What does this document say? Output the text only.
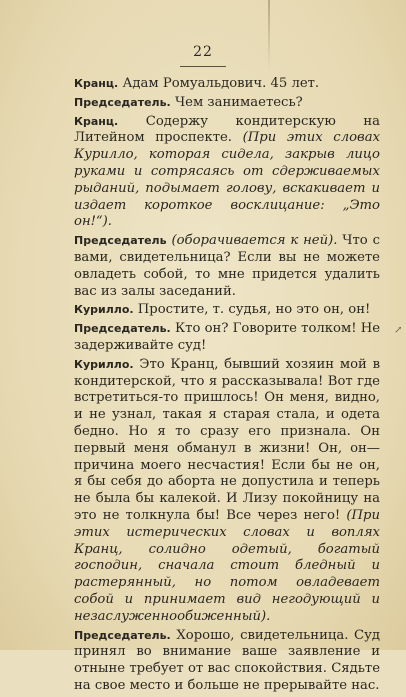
22
↗

Кранц. Адам Ромуальдович. 45 лет.

Председатель. Чем занимаетесь?

Кранц. Содержу кондитерскую на Литейном проспекте. (При этих словах Курилло, которая сидела, закрыв лицо руками и сотрясаясь от сдерживаемых рыданий, подымает голову, вскакивает и издает короткое восклицание: „Это он!“).

Председатель (оборачивается к ней). Что с вами, свидетельница? Если вы не можете овладеть собой, то мне придется удалить вас из залы заседаний.

Курилло. Простите, т. судья, но это он, он!

Председатель. Кто он? Говорите толком! Не задерживайте суд!

Курилло. Это Кранц, бывший хозяин мой в кондитерской, что я рассказывала! Вот где встретиться-то пришлось! Он меня, видно, и не узнал, такая я старая стала, и одета бедно. Но я то сразу его признала. Он первый меня обманул в жизни! Он, он—причина моего несчастия! Если бы не он, я бы себя до аборта не допустила и теперь не была бы калекой. И Лизу покойницу на это не толкнула бы! Все через него! (При этих истерических словах и воплях Кранц, солидно одетый, богатый господин, сначала стоит бледный и растерянный, но потом овладевает собой и принимает вид негодующий и незаслуженнообиженный).

Председатель. Хорошо, свидетельница. Суд принял во внимание ваше заявление и отныне требует от вас спокойствия. Сядьте на свое место и больше не прерывайте нас.
